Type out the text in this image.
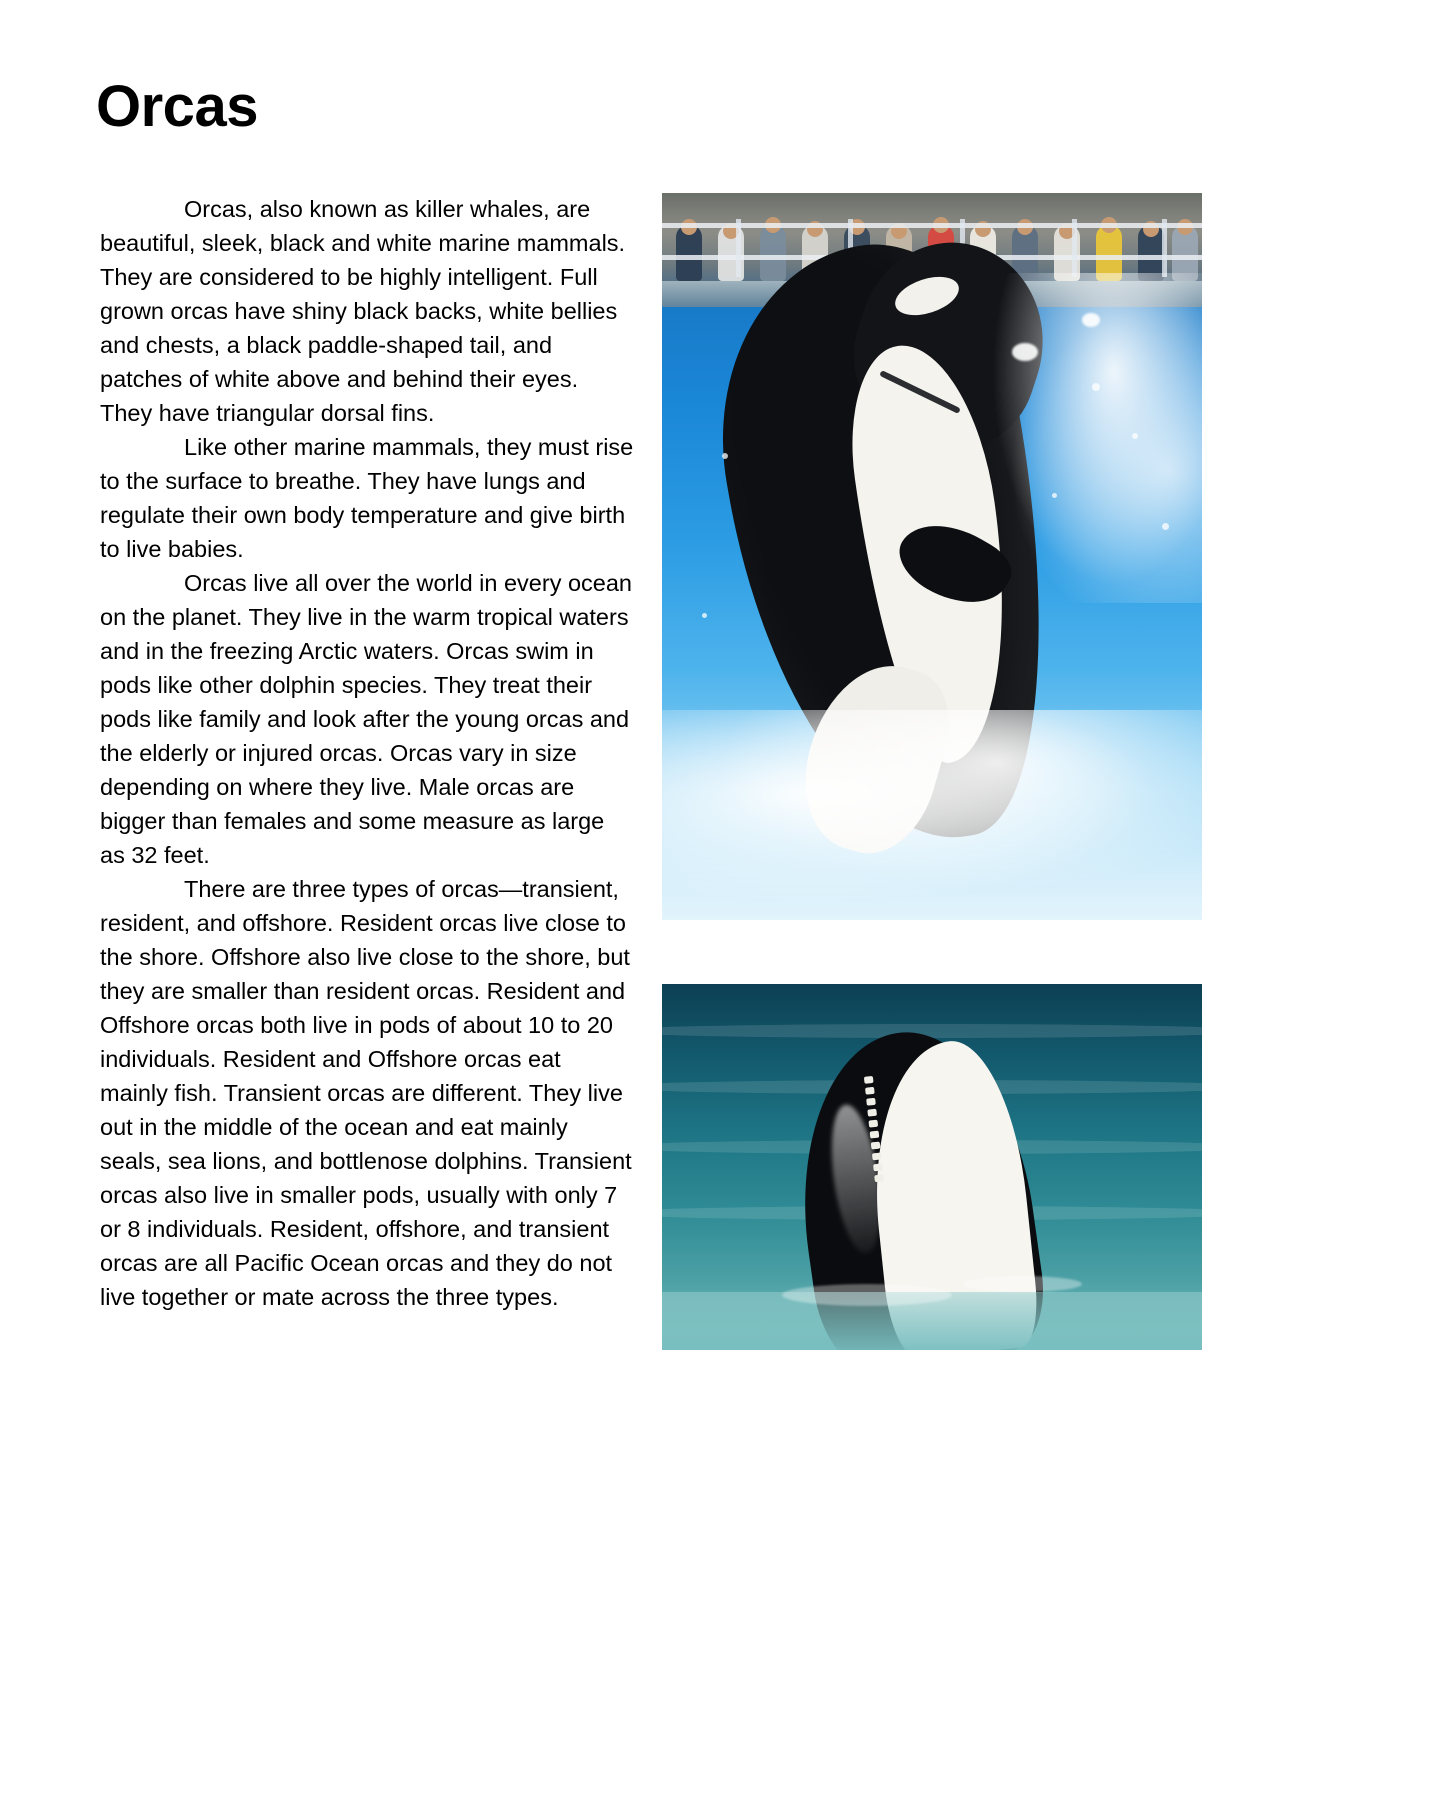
Orcas

Orcas, also known as killer whales, are beautiful, sleek, black and white marine mammals. They are considered to be highly intelligent. Full grown orcas have shiny black backs, white bellies and chests, a black paddle-shaped tail, and patches of white above and behind their eyes. They have triangular dorsal fins.

Like other marine mammals, they must rise to the surface to breathe. They have lungs and regulate their own body temperature and give birth to live babies.

Orcas live all over the world in every ocean on the planet. They live in the warm tropical waters and in the freezing Arctic waters. Orcas swim in pods like other dolphin species. They treat their pods like family and look after the young orcas and the elderly or injured orcas. Orcas vary in size depending on where they live. Male orcas are bigger than females and some measure as large as 32 feet.

There are three types of orcas—transient, resident, and offshore. Resident orcas live close to the shore. Offshore also live close to the shore, but they are smaller than resident orcas. Resident and Offshore orcas both live in pods of about 10 to 20 individuals. Resident and Offshore orcas eat mainly fish. Transient orcas are different. They live out in the middle of the ocean and eat mainly seals, sea lions, and bottlenose dolphins. Transient orcas also live in smaller pods, usually with only 7 or 8 individuals. Resident, offshore, and transient orcas are all Pacific Ocean orcas and they do not live together or mate across the three types.
